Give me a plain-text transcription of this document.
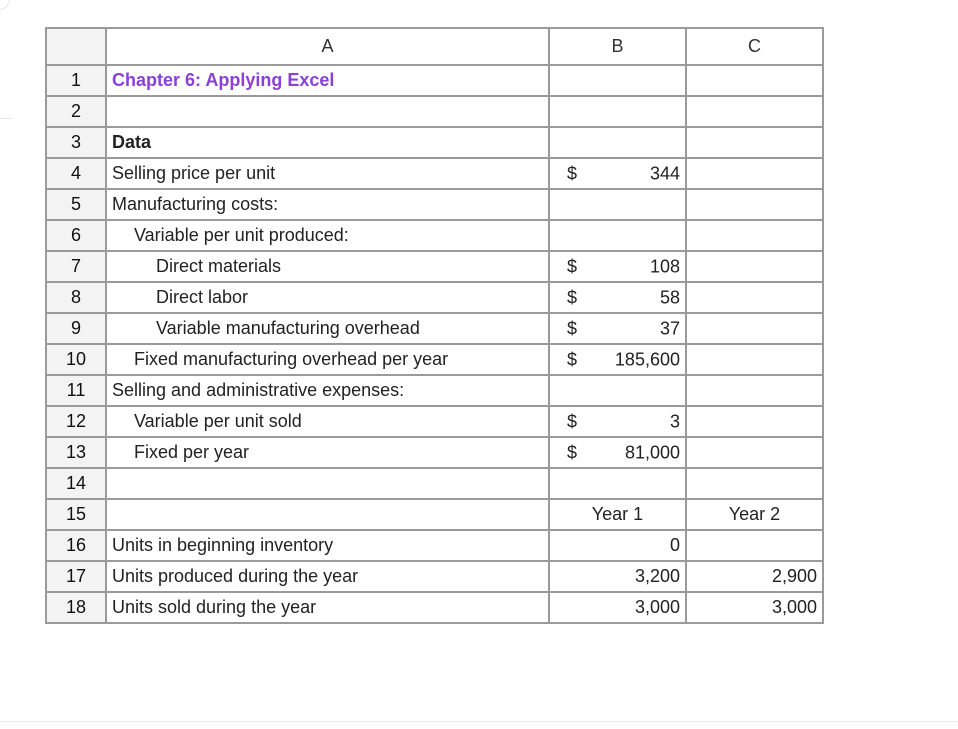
	A	B	C
1	Chapter 6: Applying Excel		
2			
3	Data		
4	Selling price per unit	$ 344	

5	Manufacturing costs:		
6	Variable per unit produced:		
7	Direct materials	$ 108	

8	Direct labor	$ 58	

9	Variable manufacturing overhead	$ 37	

10	Fixed manufacturing overhead per year	$ 185,600	

11	Selling and administrative expenses:		
12	Variable per unit sold	$ 3	

13	Fixed per year	$ 81,000	

14			
15		Year 1	Year 2
16	Units in beginning inventory	0	
17	Units produced during the year	3,200	2,900
18	Units sold during the year	3,000	3,000
